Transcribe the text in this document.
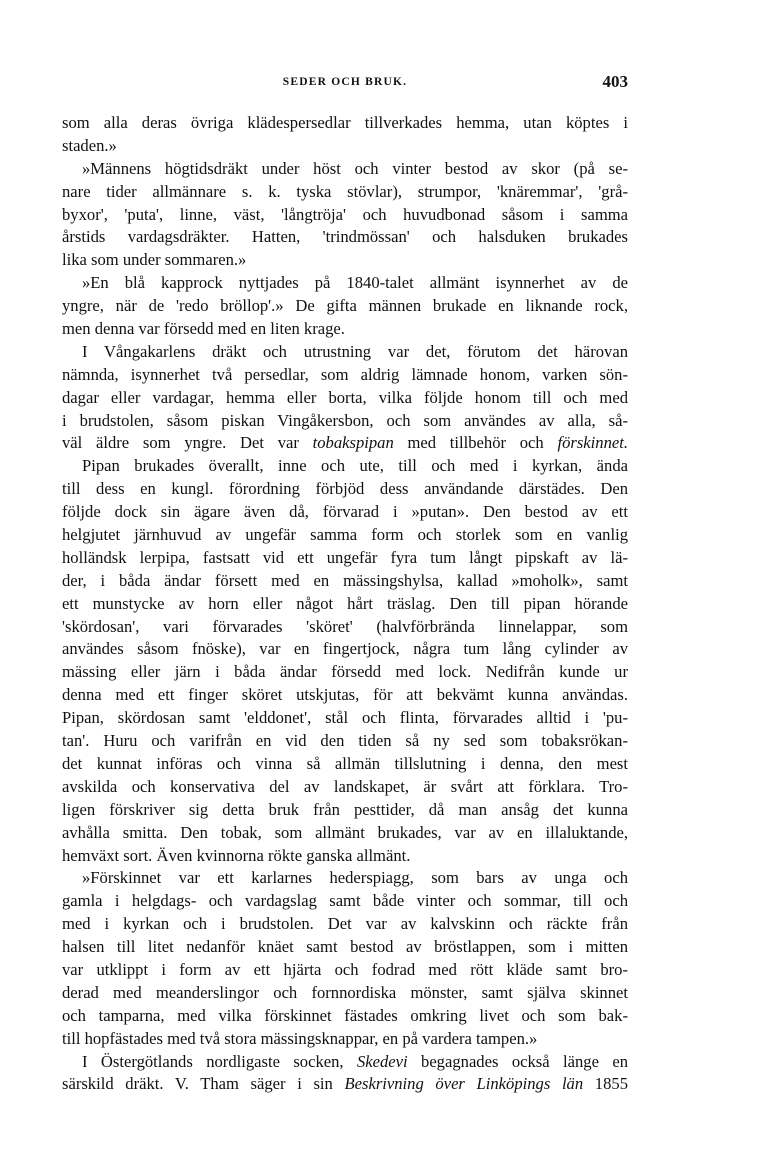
SEDER OCH BRUK.	403
som alla deras övriga klädespersedlar tillverkades hemma, utan köptes i
staden.»
»Männens högtidsdräkt under höst och vinter bestod av skor (på se-
nare tider allmännare s. k. tyska stövlar), strumpor, 'knäremmar', 'grå-
byxor', 'puta', linne, väst, 'långtröja' och huvudbonad såsom i samma
årstids vardagsdräkter. Hatten, 'trindmössan' och halsduken brukades
lika som under sommaren.»
»En blå kapprock nyttjades på 1840-talet allmänt isynnerhet av de
yngre, när de 'redo bröllop'.» De gifta männen brukade en liknande rock,
men denna var försedd med en liten krage.
I Vångakarlens dräkt och utrustning var det, förutom det härovan
nämnda, isynnerhet två persedlar, som aldrig lämnade honom, varken sön-
dagar eller vardagar, hemma eller borta, vilka följde honom till och med
i brudstolen, såsom piskan Vingåkersbon, och som användes av alla, så-
väl äldre som yngre. Det var tobakspipan med tillbehör och förskinnet.
Pipan brukades överallt, inne och ute, till och med i kyrkan, ända
till dess en kungl. förordning förbjöd dess användande därstädes. Den
följde dock sin ägare även då, förvarad i »putan». Den bestod av ett
helgjutet järnhuvud av ungefär samma form och storlek som en vanlig
holländsk lerpipa, fastsatt vid ett ungefär fyra tum långt pipskaft av lä-
der, i båda ändar försett med en mässingshylsa, kallad »moholk», samt
ett munstycke av horn eller något hårt träslag. Den till pipan hörande
'skördosan', vari förvarades 'sköret' (halvförbrända linnelappar, som
användes såsom fnöske), var en fingertjock, några tum lång cylinder av
mässing eller järn i båda ändar försedd med lock. Nedifrån kunde ur
denna med ett finger sköret utskjutas, för att bekvämt kunna användas.
Pipan, skördosan samt 'elddonet', stål och flinta, förvarades alltid i 'pu-
tan'. Huru och varifrån en vid den tiden så ny sed som tobaksrökan-
det kunnat införas och vinna så allmän tillslutning i denna, den mest
avskilda och konservativa del av landskapet, är svårt att förklara. Tro-
ligen förskriver sig detta bruk från pesttider, då man ansåg det kunna
avhålla smitta. Den tobak, som allmänt brukades, var av en illaluktande,
hemväxt sort. Även kvinnorna rökte ganska allmänt.
»Förskinnet var ett karlarnes hederspiagg, som bars av unga och
gamla i helgdags- och vardagslag samt både vinter och sommar, till och
med i kyrkan och i brudstolen. Det var av kalvskinn och räckte från
halsen till litet nedanför knäet samt bestod av bröstlappen, som i mitten
var utklippt i form av ett hjärta och fodrad med rött kläde samt bro-
derad med meanderslingor och fornnordiska mönster, samt själva skinnet
och tamparna, med vilka förskinnet fästades omkring livet och som bak-
till hopfästades med två stora mässingsknappar, en på vardera tampen.»
I Östergötlands nordligaste socken, Skedevi begagnades också länge en
särskild dräkt. V. Tham säger i sin Beskrivning över Linköpings län 1855
